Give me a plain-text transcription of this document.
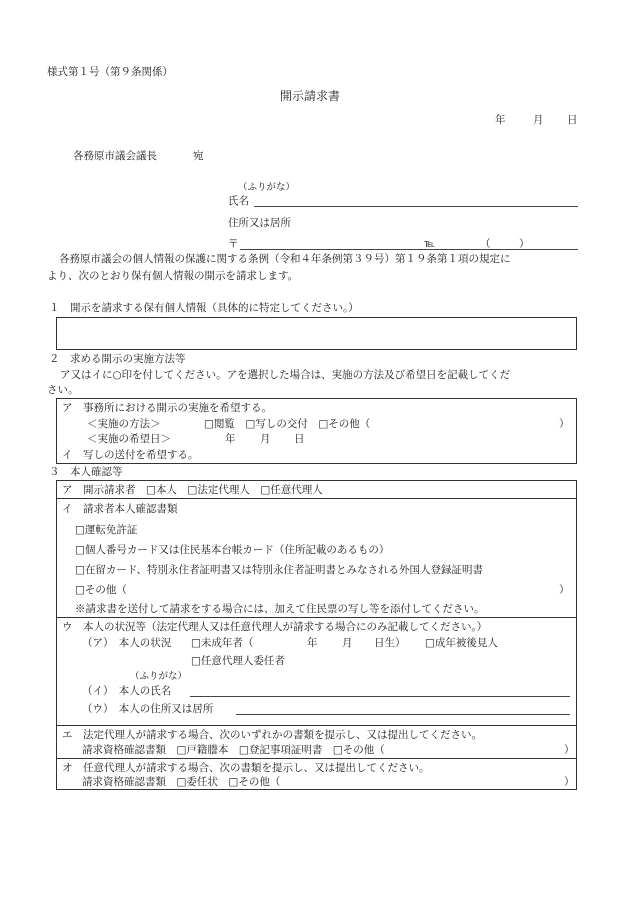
様式第１号（第９条関係）
開示請求書
年	月 日
各務原市議会議長	宛
（ふりがな）
氏名
住所又は居所
〒	℡	（	）
各務原市議会の個人情報の保護に関する条例（令和４年条例第３９号）第１９条第１項の規定に
より、次のとおり保有個人情報の開示を請求します。
１　開示を請求する保有個人情報（具体的に特定してください。）
２　求める開示の実施方法等
ア又はイに○印を付してください。アを選択した場合は、実施の方法及び希望日を記載してくだ
さい。
ア　事務所における開示の実施を希望する。
＜実施の方法＞	□閲覧　□写しの交付　□その他（	）
＜実施の希望日＞	年 月 日
イ　写しの送付を希望する。
３　本人確認等
ア　開示請求者　□本人　□法定代理人　□任意代理人
イ　請求者本人確認書類
□運転免許証
□個人番号カード又は住民基本台帳カード（住所記載のあるもの）
□在留カード、特別永住者証明書又は特別永住者証明書とみなされる外国人登録証明書
□その他（	）
※請求書を送付して請求をする場合には、加えて住民票の写し等を添付してください。
ウ　本人の状況等（法定代理人又は任意代理人が請求する場合にのみ記載してください。）
（ア）　本人の状況 □未成年者（	年 月 日生） □成年被後見人
□任意代理人委任者
（ふりがな）
（イ）　本人の氏名
（ウ）　本人の住所又は居所
エ　法定代理人が請求する場合、次のいずれかの書類を提示し、又は提出してください。
請求資格確認書類　□戸籍謄本　□登記事項証明書　□その他（	）
オ　任意代理人が請求する場合、次の書類を提示し、又は提出してください。
請求資格確認書類　□委任状　□その他（	）
